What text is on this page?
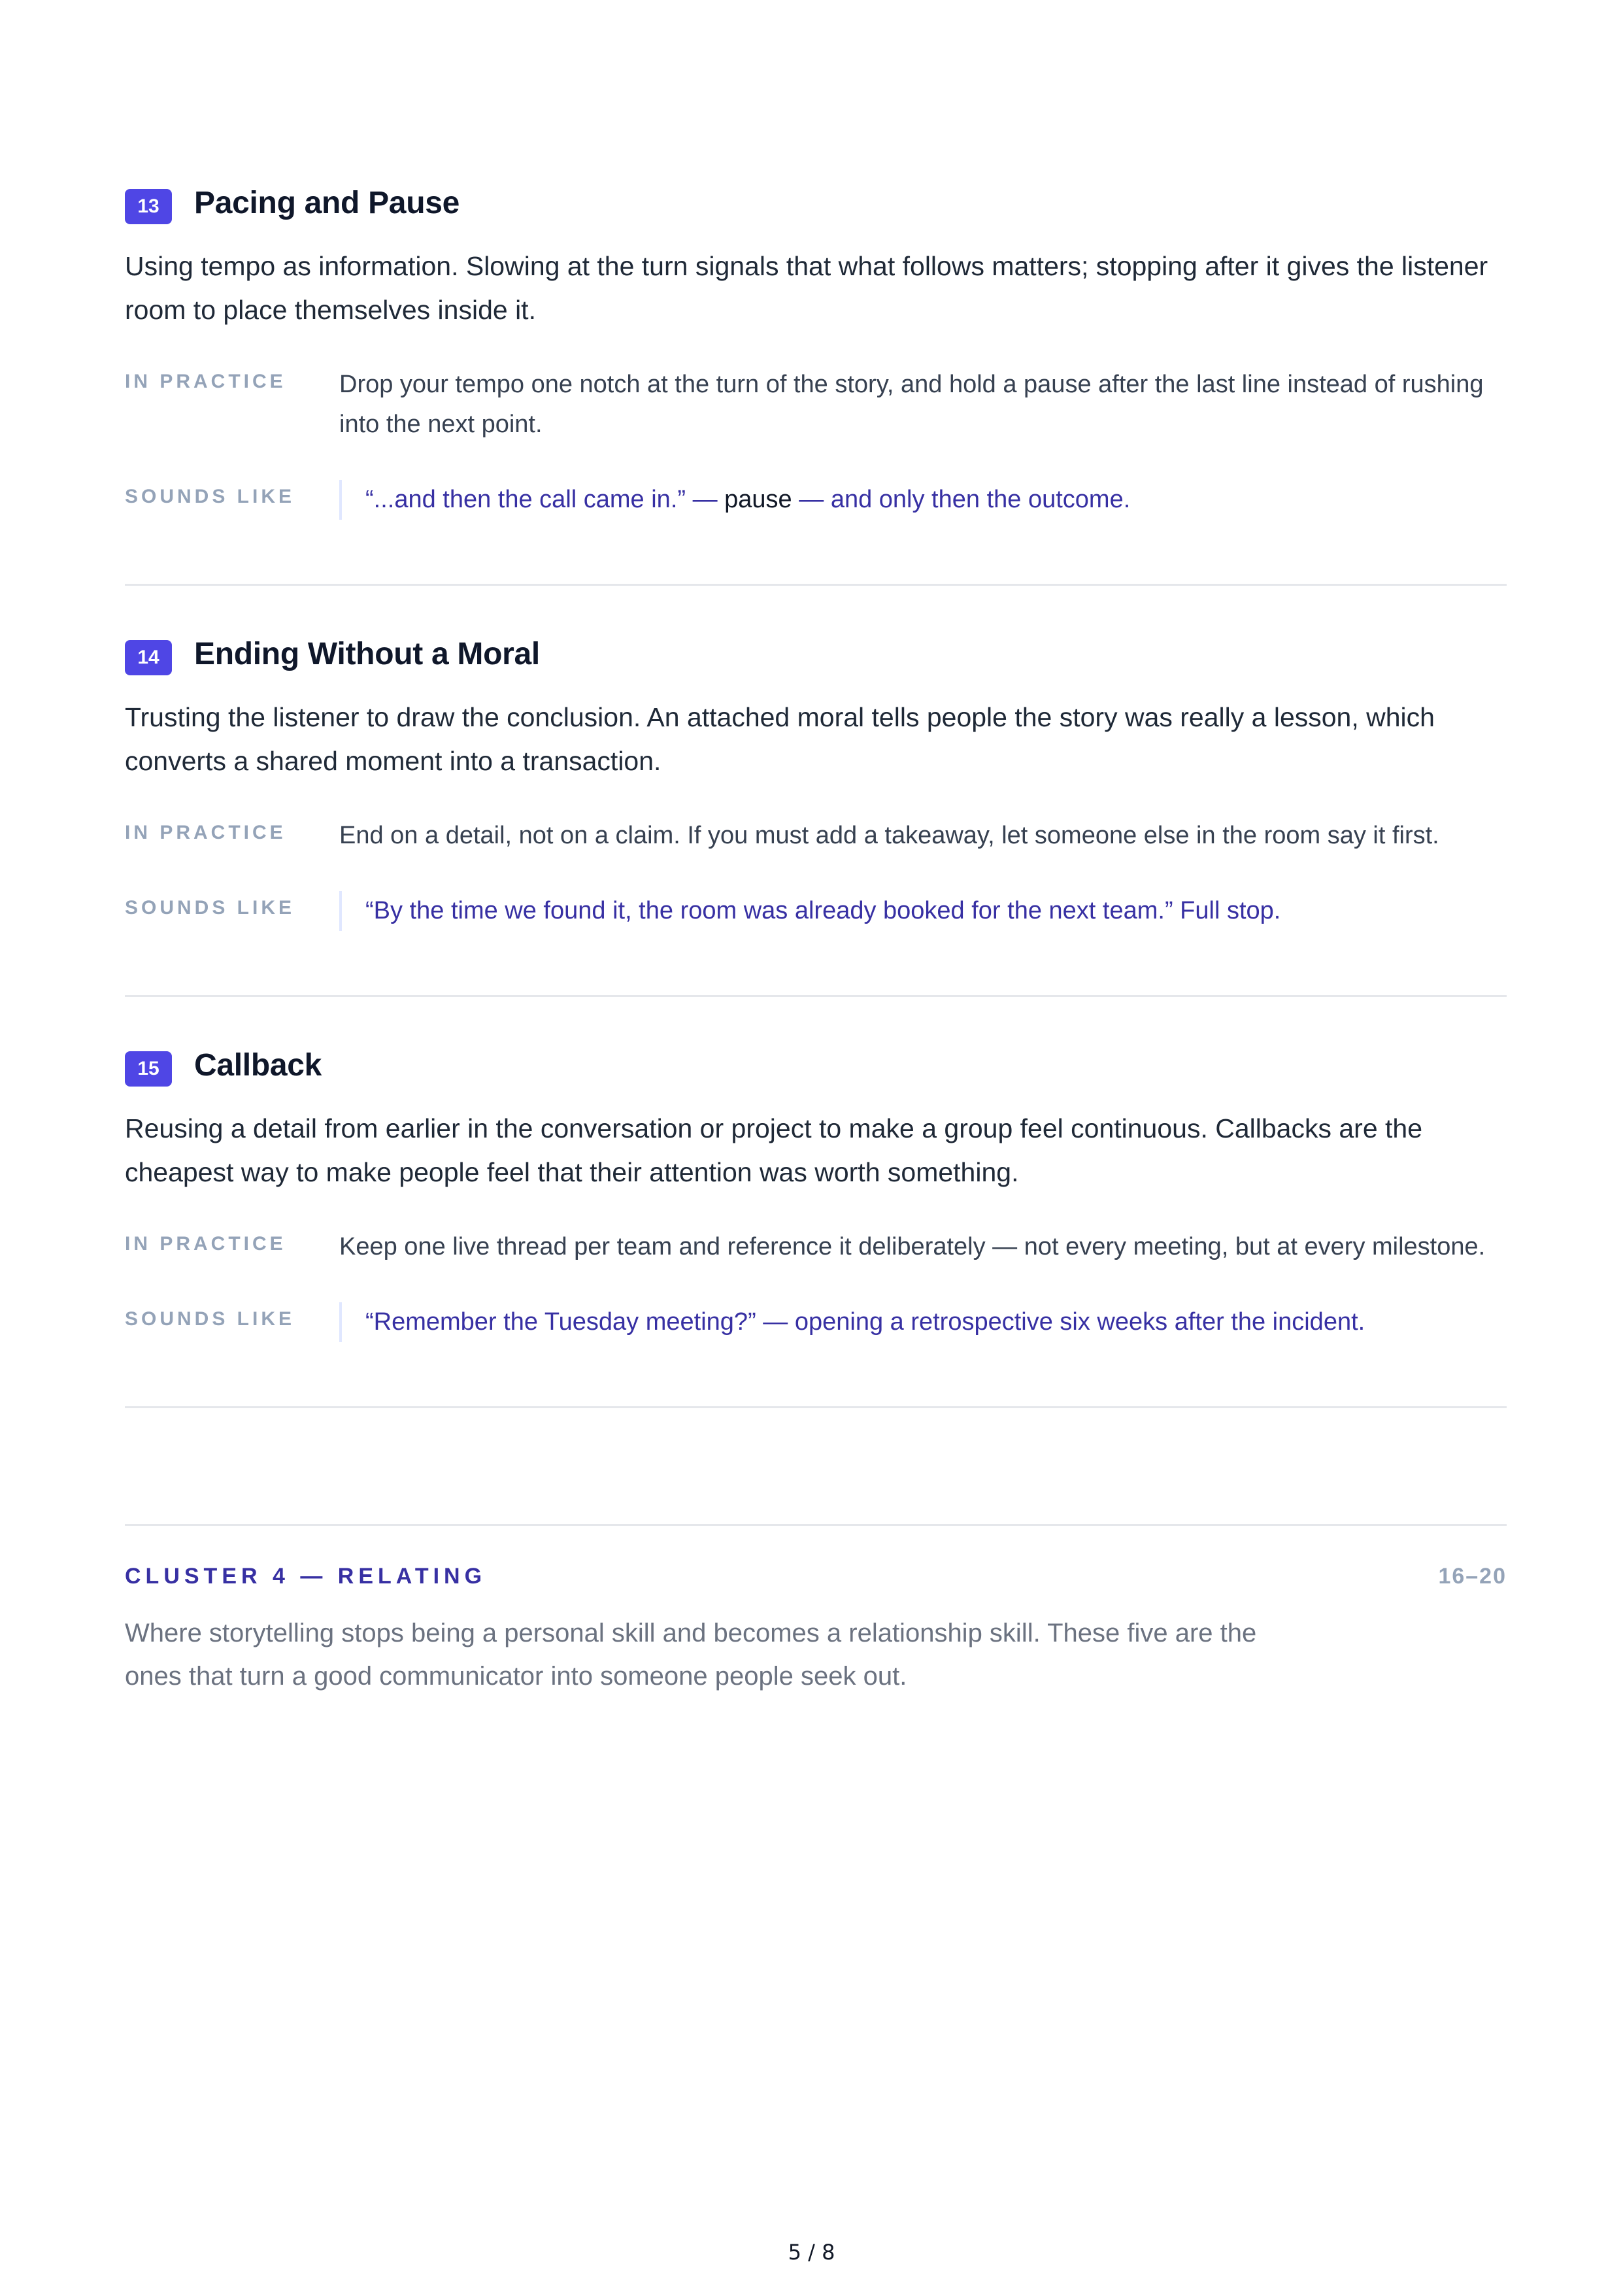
13	Pacing and Pause
Using tempo as information. Slowing at the turn signals that what follows matters; stopping after it gives the listener room to place themselves inside it.
IN PRACTICE	Drop your tempo one notch at the turn of the story, and hold a pause after the last line instead of rushing into the next point.
SOUNDS LIKE	“...and then the call came in.” — pause — and only then the outcome.
14	Ending Without a Moral
Trusting the listener to draw the conclusion. An attached moral tells people the story was really a lesson, which converts a shared moment into a transaction.
IN PRACTICE	End on a detail, not on a claim. If you must add a takeaway, let someone else in the room say it first.
SOUNDS LIKE	“By the time we found it, the room was already booked for the next team.” Full stop.
15	Callback
Reusing a detail from earlier in the conversation or project to make a group feel continuous. Callbacks are the cheapest way to make people feel that their attention was worth something.
IN PRACTICE	Keep one live thread per team and reference it deliberately — not every meeting, but at every milestone.
SOUNDS LIKE	“Remember the Tuesday meeting?” — opening a retrospective six weeks after the incident.
CLUSTER 4 — RELATING	16–20
Where storytelling stops being a personal skill and becomes a relationship skill. These five are the ones that turn a good communicator into someone people seek out.
5 / 8
